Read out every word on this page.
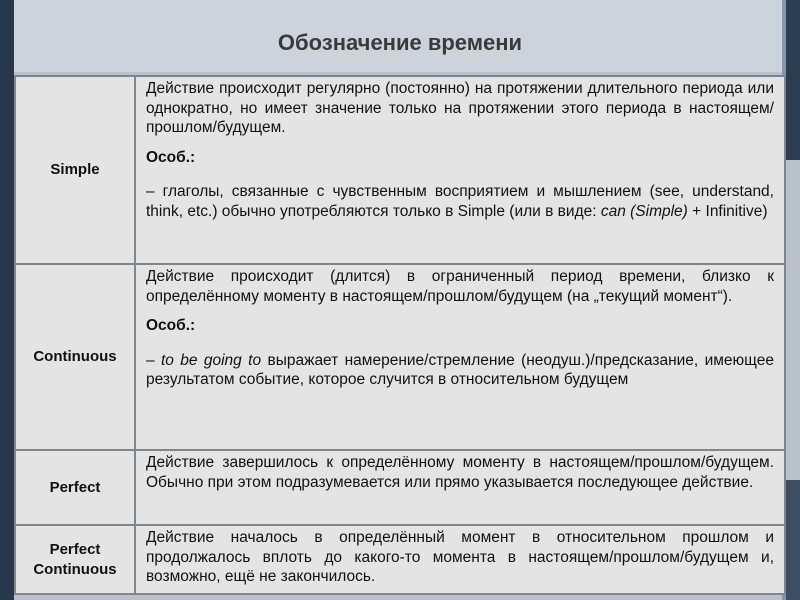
Обозначение времени
Simple	Действие происходит регулярно (постоянно) на протяжении длительного периода или однократно, но имеет значение только на протяжении этого периода в настоящем/прошлом/будущем.

Особ.:

– глаголы, связанные с чувственным восприятием и мышлением (see, understand, think, etc.) обычно употребляются только в Simple (или в виде: can (Simple) + Infinitive)

Continuous	Действие происходит (длится) в ограниченный период времени, близко к определённому моменту в настоящем/прошлом/будущем (на „текущий момент“).

Особ.:

– to be going to выражает намерение/стремление (неодуш.)/предсказание, имеющее результатом событие, которое случится в относительном будущем

Perfect	Действие завершилось к определённому моменту в настоящем/прошлом/будущем. Обычно при этом подразумевается или прямо указывается последующее действие.

Perfect Continuous	Действие началось в определённый момент в относительном прошлом и продолжалось вплоть до какого-то момента в настоящем/прошлом/будущем и, возможно, ещё не закончилось.
